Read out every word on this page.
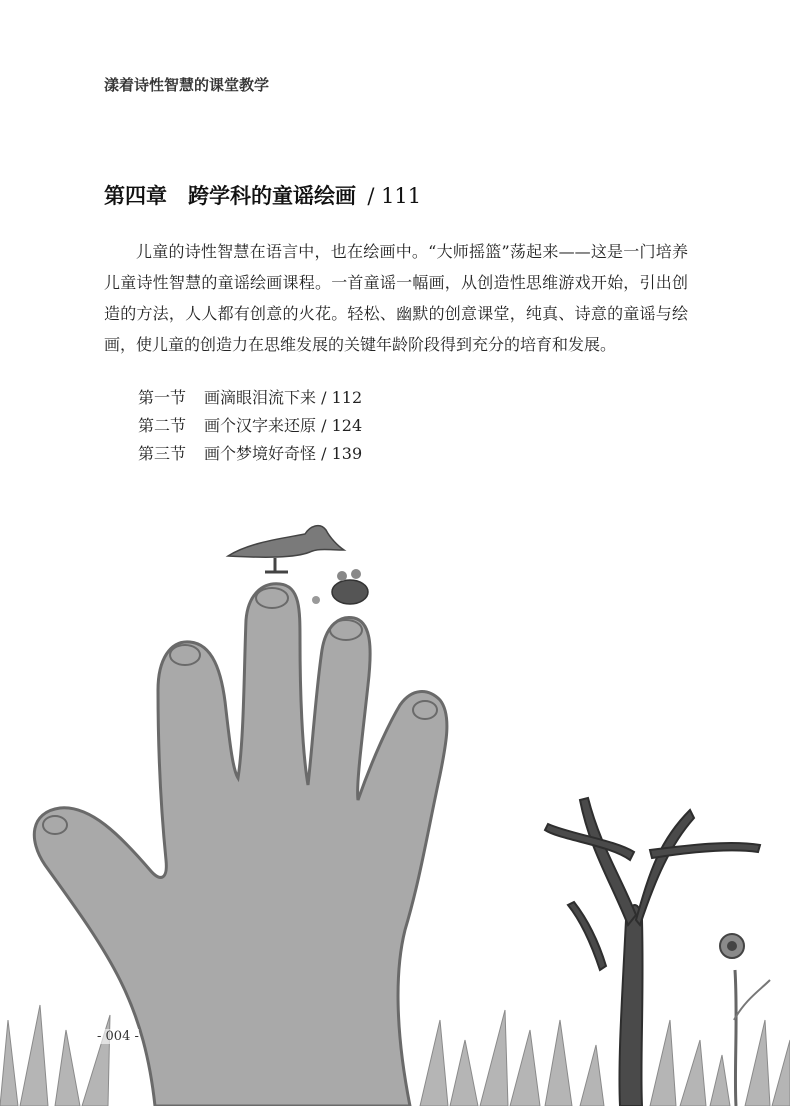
漾着诗性智慧的课堂教学
第四章　跨学科的童谣绘画 / 111

儿童的诗性智慧在语言中，也在绘画中。“大师摇篮”荡起来——这是一门培养儿童诗性智慧的童谣绘画课程。一首童谣一幅画，从创造性思维游戏开始，引出创造的方法，人人都有创意的火花。轻松、幽默的创意课堂，纯真、诗意的童谣与绘画，使儿童的创造力在思维发展的关键年龄阶段得到充分的培育和发展。

第一节 画滴眼泪流下来 / 112
第二节 画个汉字来还原 / 124
第三节 画个梦境好奇怪 / 139
- 004 -
